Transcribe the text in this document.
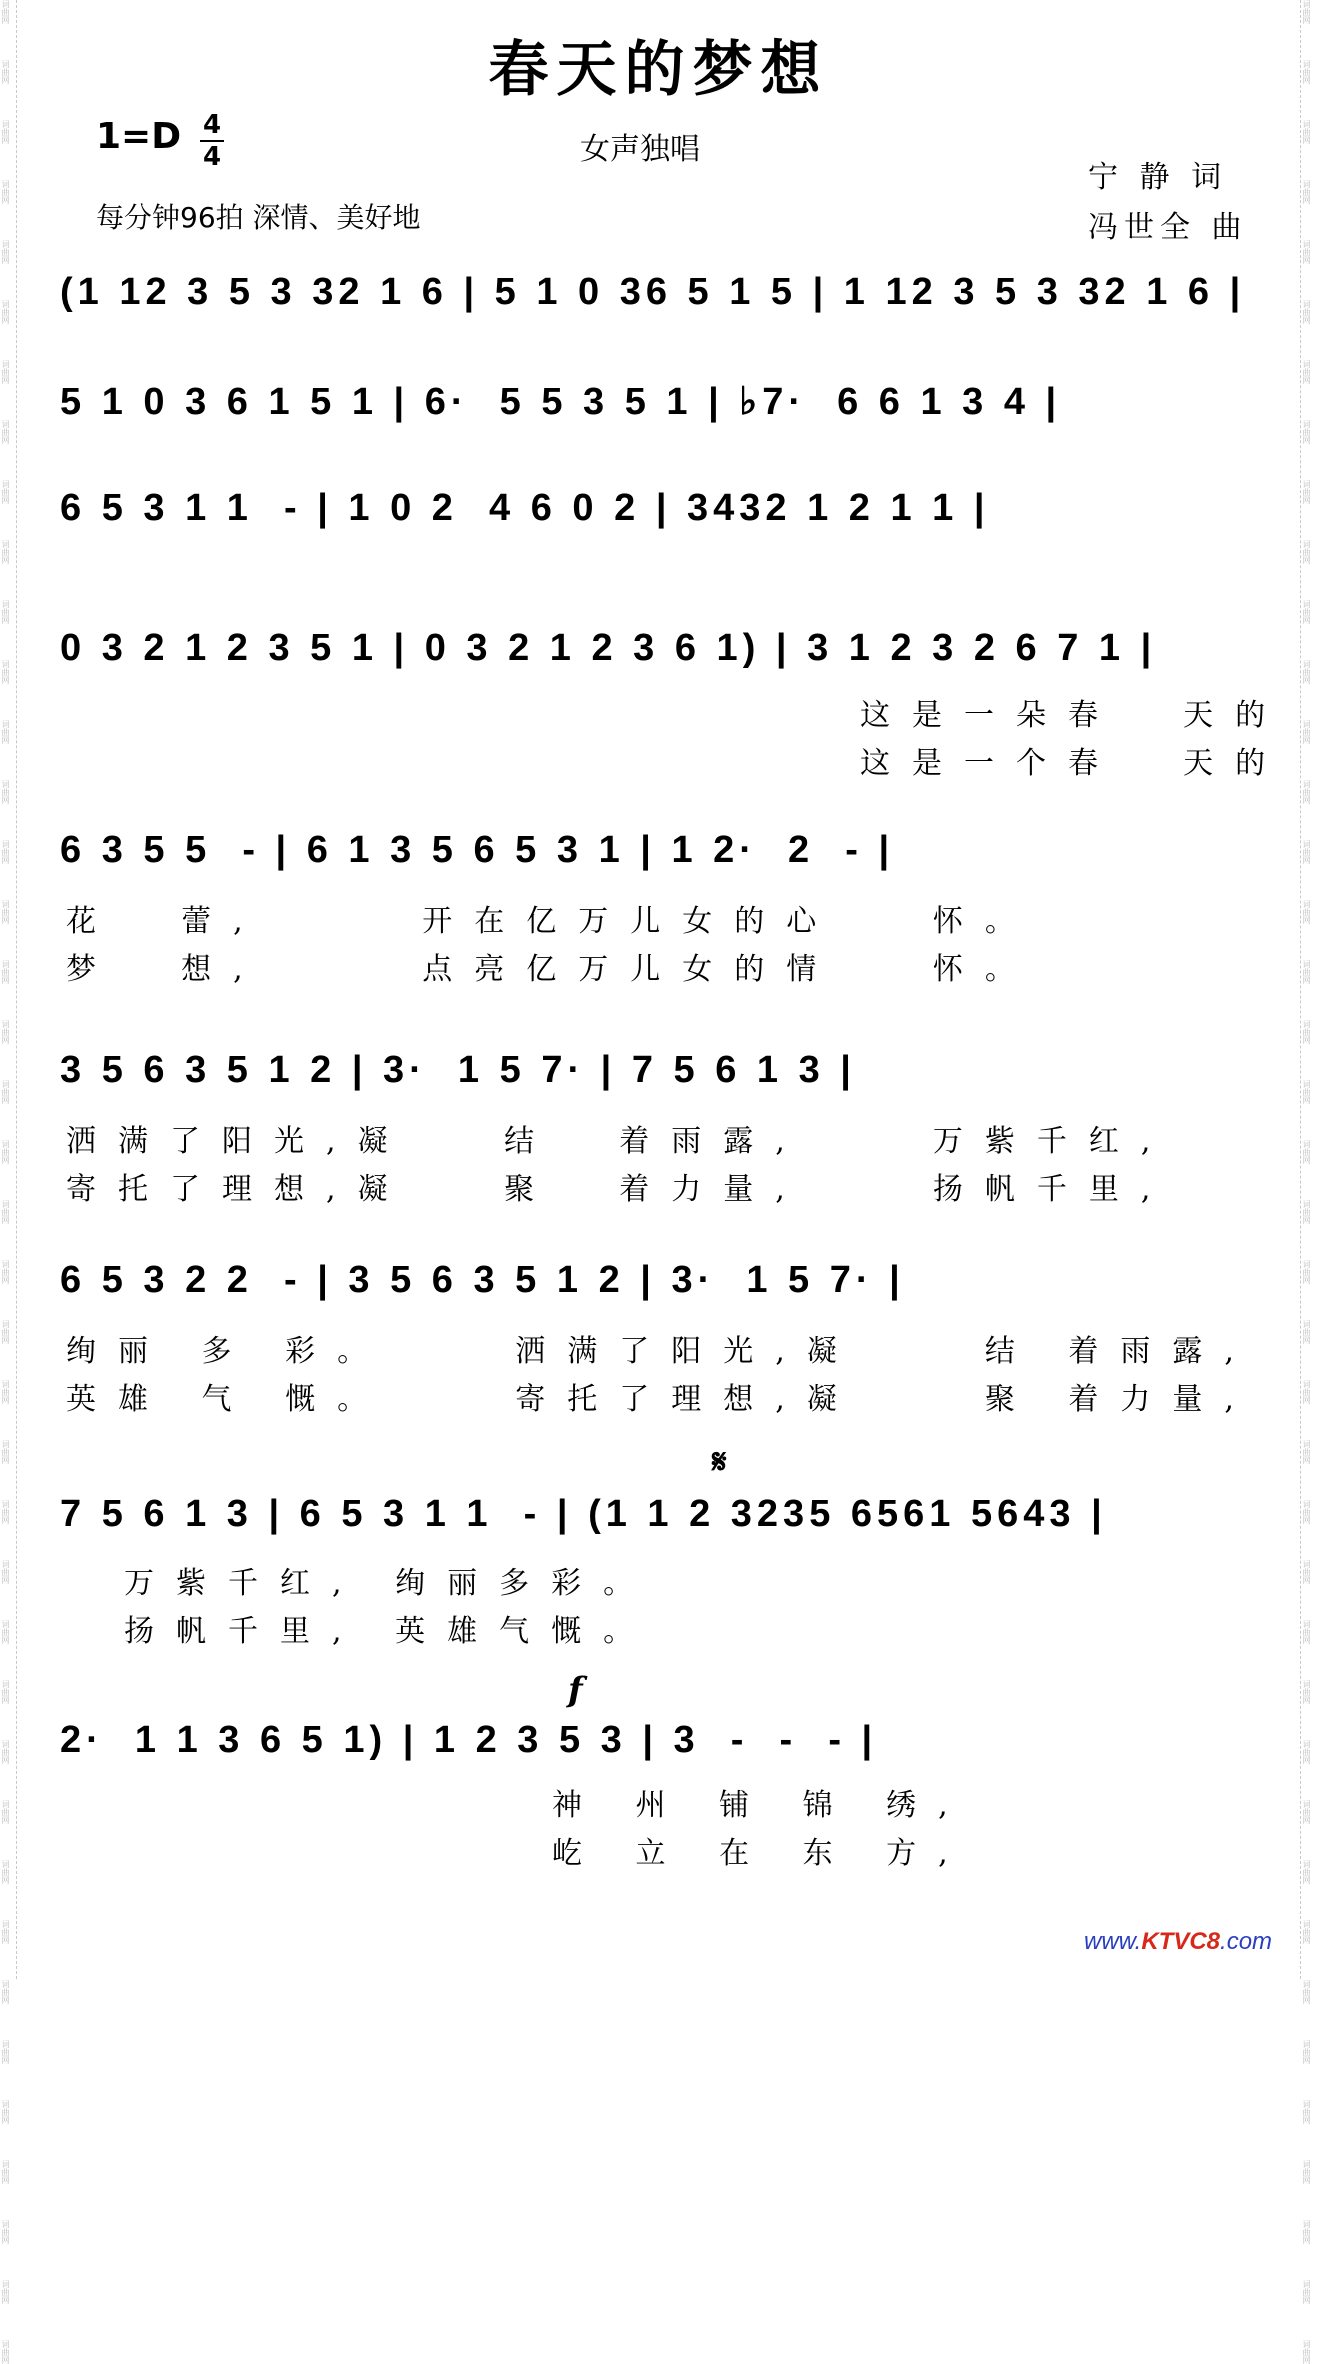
词曲网
词曲网
词曲网
词曲网
词曲网
词曲网
词曲网
词曲网
词曲网
词曲网
词曲网
词曲网
词曲网
词曲网
词曲网
词曲网
词曲网
词曲网
词曲网
词曲网
词曲网
词曲网
词曲网
词曲网
词曲网
词曲网
词曲网
词曲网
词曲网
词曲网
词曲网
词曲网
词曲网
词曲网
词曲网
词曲网
词曲网
词曲网
词曲网
词曲网
词曲网
词曲网
词曲网
词曲网
词曲网
词曲网
词曲网
词曲网
词曲网
词曲网
词曲网
词曲网
词曲网
词曲网
词曲网
词曲网
词曲网
词曲网
词曲网
词曲网
词曲网
词曲网
词曲网
词曲网
词曲网
词曲网
词曲网
词曲网
词曲网
词曲网
词曲网
词曲网
词曲网
词曲网
词曲网
词曲网
词曲网
词曲网
词曲网
词曲网
春天的梦想
1=D 4
4	女声独唱
每分钟96拍 深情、美好地
宁 静 词
冯世全 曲
(1 12 3 5 3 32 1 6 | 5 1 0 36 5 1 5 | 1 12 3 5 3 32 1 6 |
5 1 0 3 6 1 5 1 | 6·  5 5 3 5 1 | ♭7·  6 6 1 3 4 |
6 5 3 1 1  - | 1 0 2  4 6 0 2 | 3432 1 2 1 1 |
0 3 2 1 2 3 5 1 | 0 3 2 1 2 3 6 1) | 3 1 2 3 2 6 7 1 |
这是一朵春  天的
这是一个春  天的
6 3 5 5  - | 6 1 3 5 6 5 3 1 | 1 2·  2  - |
花  蕾,     开在亿万儿女的心   怀。
梦  想,     点亮亿万儿女的情   怀。
3 5 6 3 5 1 2 | 3·  1 5 7· | 7 5 6 1 3 |
洒满了阳光,凝   结  着雨露,    万紫千红,
寄托了理想,凝   聚  着力量,    扬帆千里,
6 5 3 2 2  - | 3 5 6 3 5 1 2 | 3·  1 5 7· |
绚丽 多 彩。    洒满了阳光,凝    结 着雨露,
英雄 气 慨。    寄托了理想,凝    聚 着力量,
7 5 6 1 3 | 6 5 3 1 1  - | (1 1 2 3235 6561 5643 |
万紫千红, 绚丽多彩。
扬帆千里, 英雄气慨。
𝄋
2·  1 1 3 6 5 1) | 1 2 3 5 3 | 3  -  -  - |
神 州 铺 锦 绣,
屹 立 在 东 方,
f
www.KTVC8.com
